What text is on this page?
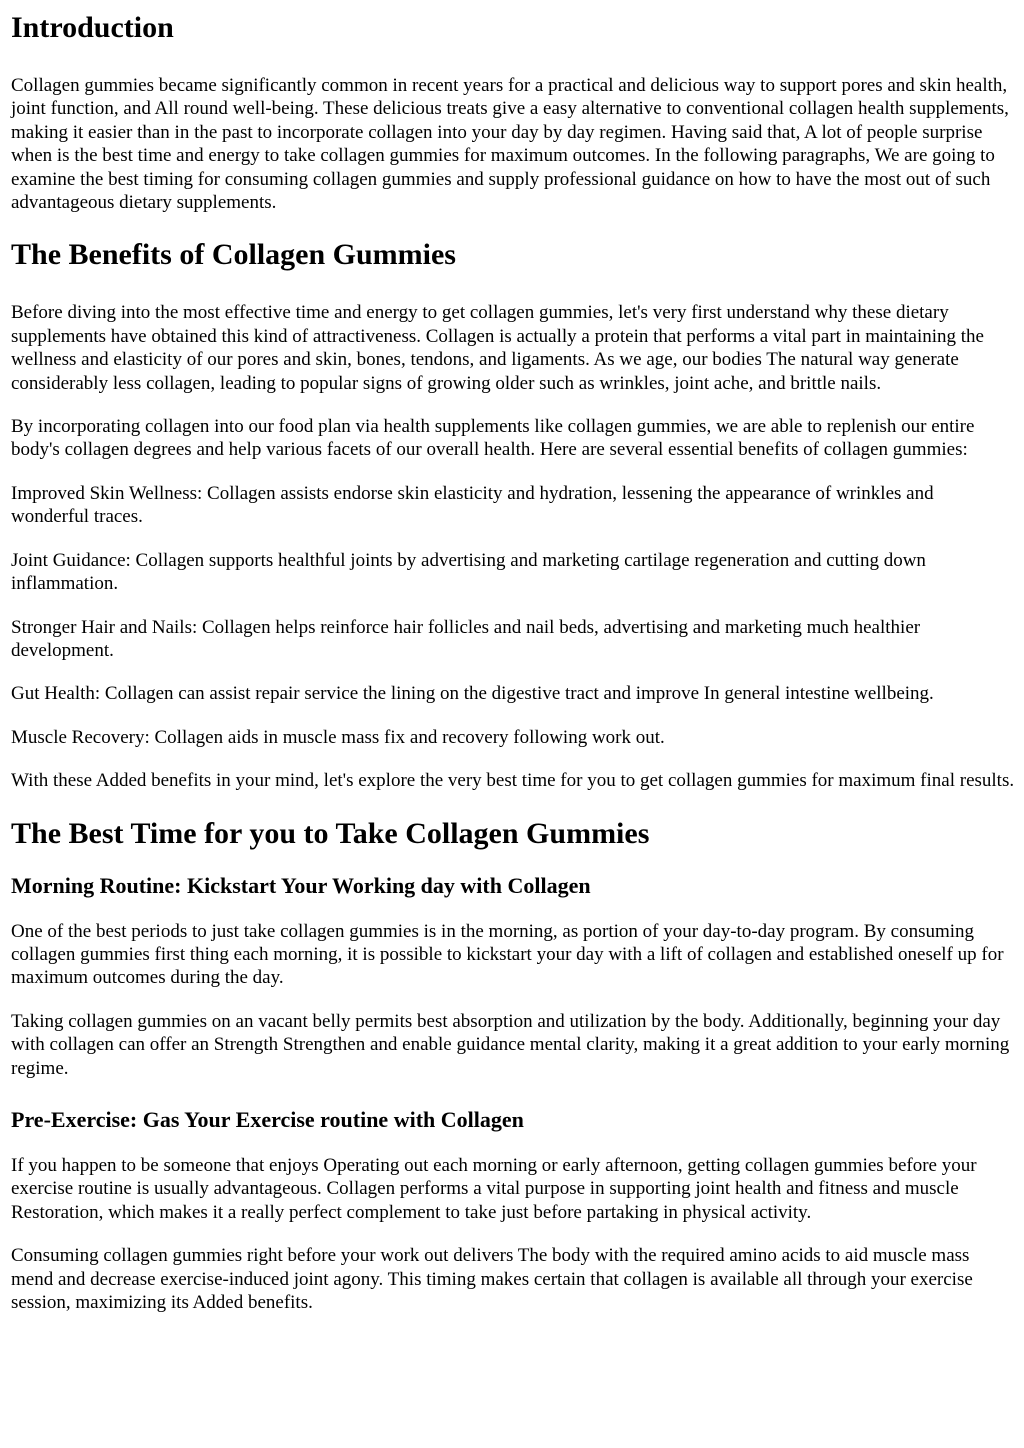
Introduction

Collagen gummies became significantly common in recent years for a practical and delicious way to support pores and skin health, joint function, and All round well-being. These delicious treats give a easy alternative to conventional collagen health supplements, making it easier than in the past to incorporate collagen into your day by day regimen. Having said that, A lot of people surprise when is the best time and energy to take collagen gummies for maximum outcomes. In the following paragraphs, We are going to examine the best timing for consuming collagen gummies and supply professional guidance on how to have the most out of such advantageous dietary supplements.

The Benefits of Collagen Gummies

Before diving into the most effective time and energy to get collagen gummies, let's very first understand why these dietary supplements have obtained this kind of attractiveness. Collagen is actually a protein that performs a vital part in maintaining the wellness and elasticity of our pores and skin, bones, tendons, and ligaments. As we age, our bodies The natural way generate considerably less collagen, leading to popular signs of growing older such as wrinkles, joint ache, and brittle nails.

By incorporating collagen into our food plan via health supplements like collagen gummies, we are able to replenish our entire body's collagen degrees and help various facets of our overall health. Here are several essential benefits of collagen gummies:

Improved Skin Wellness: Collagen assists endorse skin elasticity and hydration, lessening the appearance of wrinkles and wonderful traces.

Joint Guidance: Collagen supports healthful joints by advertising and marketing cartilage regeneration and cutting down inflammation.

Stronger Hair and Nails: Collagen helps reinforce hair follicles and nail beds, advertising and marketing much healthier development.

Gut Health: Collagen can assist repair service the lining on the digestive tract and improve In general intestine wellbeing.

Muscle Recovery: Collagen aids in muscle mass fix and recovery following work out.

With these Added benefits in your mind, let's explore the very best time for you to get collagen gummies for maximum final results.

The Best Time for you to Take Collagen Gummies
Morning Routine: Kickstart Your Working day with Collagen

One of the best periods to just take collagen gummies is in the morning, as portion of your day-to-day program. By consuming collagen gummies first thing each morning, it is possible to kickstart your day with a lift of collagen and established oneself up for maximum outcomes during the day.

Taking collagen gummies on an vacant belly permits best absorption and utilization by the body. Additionally, beginning your day with collagen can offer an Strength Strengthen and enable guidance mental clarity, making it a great addition to your early morning regime.

Pre-Exercise: Gas Your Exercise routine with Collagen

If you happen to be someone that enjoys Operating out each morning or early afternoon, getting collagen gummies before your exercise routine is usually advantageous. Collagen performs a vital purpose in supporting joint health and fitness and muscle Restoration, which makes it a really perfect complement to take just before partaking in physical activity.

Consuming collagen gummies right before your work out delivers The body with the required amino acids to aid muscle mass mend and decrease exercise-induced joint agony. This timing makes certain that collagen is available all through your exercise session, maximizing its Added benefits.
